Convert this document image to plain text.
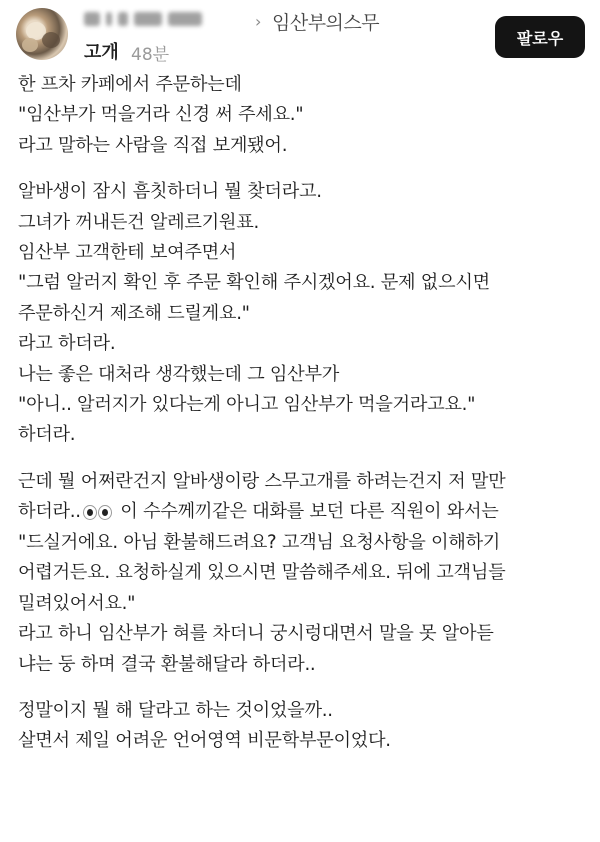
› 임산부의스무
고개 48분
팔로우
한 프차 카페에서 주문하는데
"임산부가 먹을거라 신경 써 주세요."
라고 말하는 사람을 직접 보게됐어.
알바생이 잠시 흠칫하더니 뭘 찾더라고.
그녀가 꺼내든건 알레르기원표.
임산부 고객한테 보여주면서
"그럼 알러지 확인 후 주문 확인해 주시겠어요. 문제 없으시면
주문하신거 제조해 드릴게요."
라고 하더라.
나는 좋은 대처라 생각했는데 그 임산부가
"아니.. 알러지가 있다는게 아니고 임산부가 먹을거라고요."
하더라.
근데 뭘 어쩌란건지 알바생이랑 스무고개를 하려는건지 저 말만
하더라.. 이 수수께끼같은 대화를 보던 다른 직원이 와서는
"드실거에요. 아님 환불해드려요? 고객님 요청사항을 이해하기
어렵거든요. 요청하실게 있으시면 말씀해주세요. 뒤에 고객님들
밀려있어서요."
라고 하니 임산부가 혀를 차더니 궁시렁대면서 말을 못 알아듣
냐는 둥 하며 결국 환불해달라 하더라..
정말이지 뭘 해 달라고 하는 것이었을까..
살면서 제일 어려운 언어영역 비문학부문이었다.
